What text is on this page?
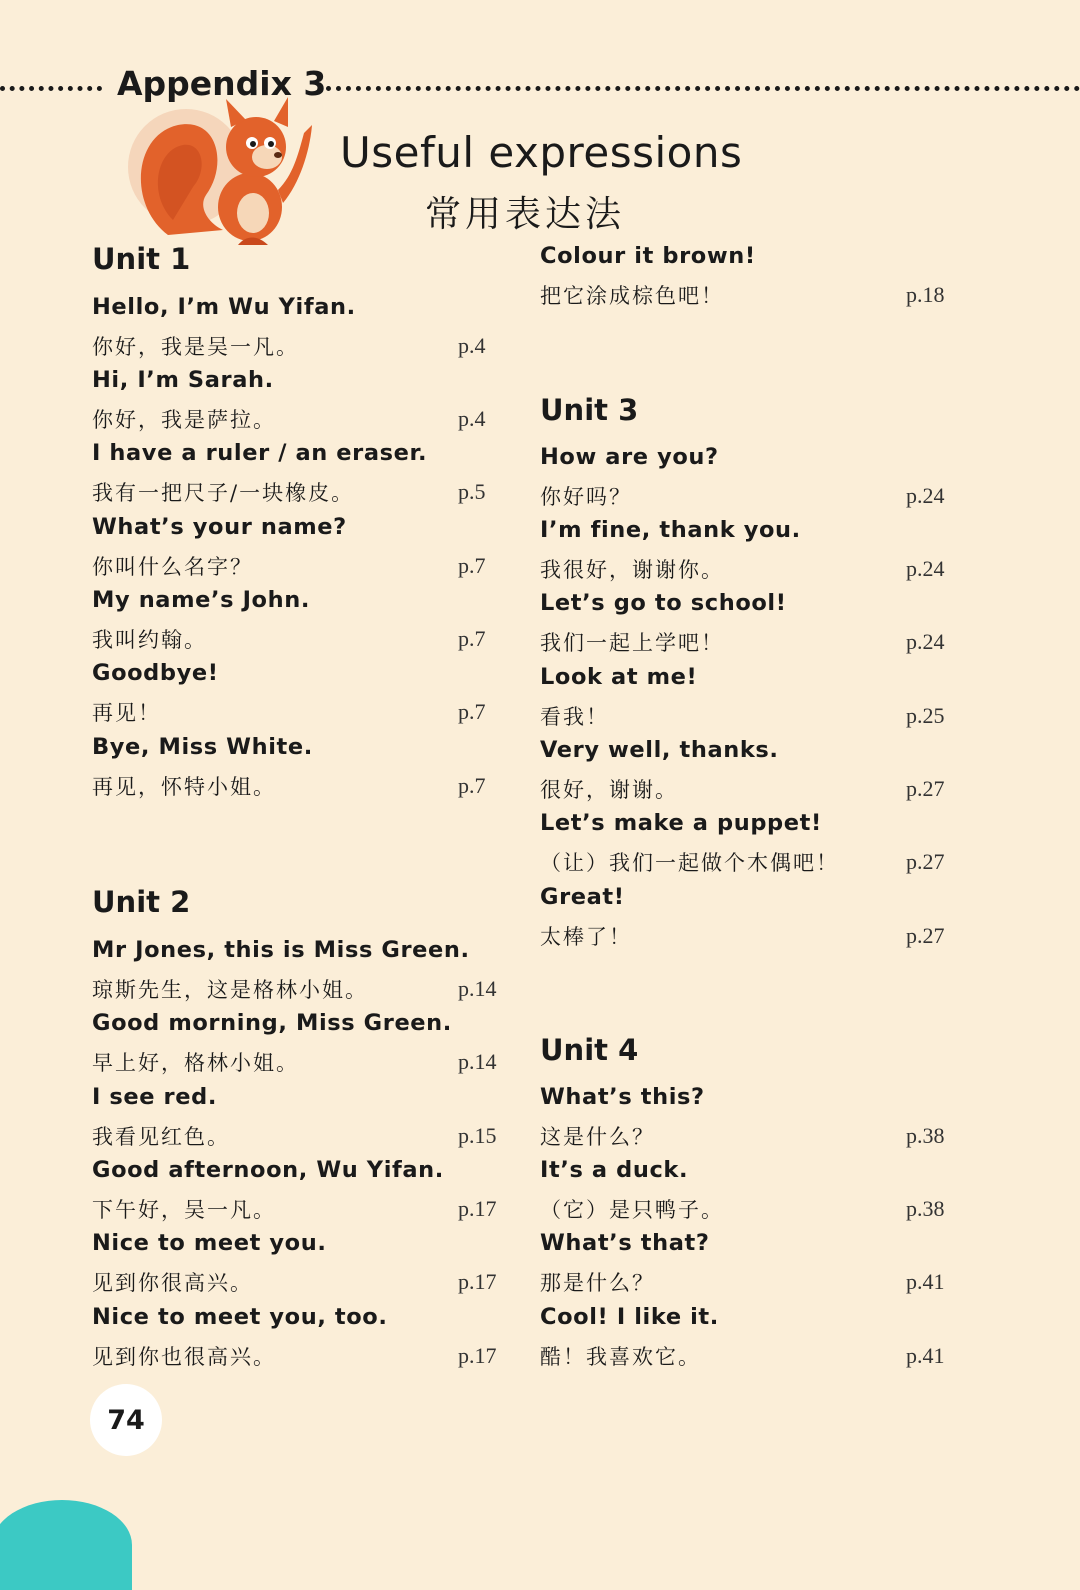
Appendix 3
Useful expressions
常用表达法
Unit 1
Hello, I’m Wu Yifan.
你好，我是吴一凡。	p.4
Hi, I’m Sarah.
你好，我是萨拉。	p.4
I have a ruler / an eraser.
我有一把尺子/一块橡皮。	p.5
What’s your name?
你叫什么名字？	p.7
My name’s John.
我叫约翰。	p.7
Goodbye!
再见！	p.7
Bye, Miss White.
再见，怀特小姐。	p.7
Unit 2
Mr Jones, this is Miss Green.
琼斯先生，这是格林小姐。	p.14
Good morning, Miss Green.
早上好，格林小姐。	p.14
I see red.
我看见红色。	p.15
Good afternoon, Wu Yifan.
下午好，吴一凡。	p.17
Nice to meet you.
见到你很高兴。	p.17
Nice to meet you, too.
见到你也很高兴。	p.17
Colour it brown!
把它涂成棕色吧！	p.18
Unit 3
How are you?
你好吗？	p.24
I’m fine, thank you.
我很好，谢谢你。	p.24
Let’s go to school!
我们一起上学吧！	p.24
Look at me!
看我！	p.25
Very well, thanks.
很好，谢谢。	p.27
Let’s make a puppet!
（让）我们一起做个木偶吧！	p.27
Great!
太棒了！	p.27
Unit 4
What’s this?
这是什么？	p.38
It’s a duck.
（它）是只鸭子。	p.38
What’s that?
那是什么？	p.41
Cool! I like it.
酷！我喜欢它。	p.41
74
